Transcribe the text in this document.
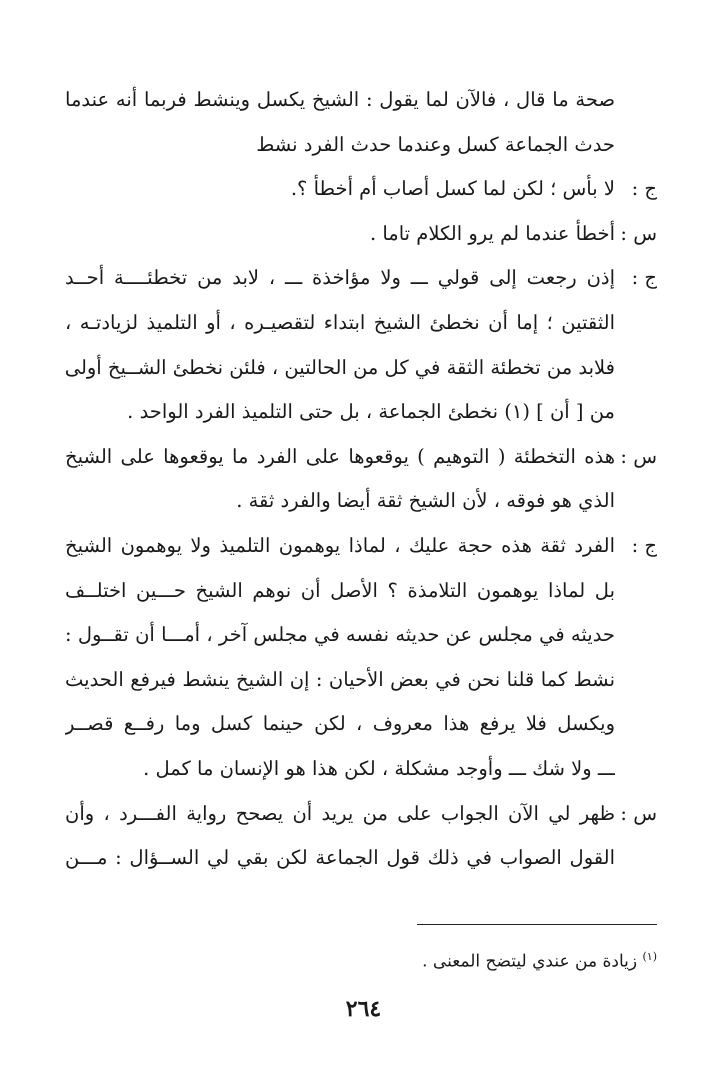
صحة ما قال ، فالآن لما يقول : الشيخ يكسل وينشط فربما أنه عندما
حدث الجماعة كسل وعندما حدث الفرد نشط
ج :
لا بأس ؛ لكن لما كسل أصاب أم أخطأ ؟.
س :
أخطأ عندما لم يرو الكلام تاما .
ج :
إذن رجعت إلى قولي ـــ ولا مؤاخذة ـــ ، لابد من تخطئــــة أحــد
الثقتين ؛ إما أن نخطئ الشيخ ابتداء لتقصيـره ، أو التلميذ لزيادتـه ،
فلابد من تخطئة الثقة في كل من الحالتين ، فلئن نخطئ الشــيخ أولى
من [ أن ] (١) نخطئ الجماعة ، بل حتى التلميذ الفرد الواحد .
س :
هذه التخطئة ( التوهيم ) يوقعوها على الفرد ما يوقعوها على الشيخ
الذي هو فوقه ، لأن الشيخ ثقة أيضا والفرد ثقة .
ج :
الفرد ثقة هذه حجة عليك ، لماذا يوهمون التلميذ ولا يوهمون الشيخ
بل لماذا يوهمون التلامذة ؟ الأصل أن نوهم الشيخ حـــين اختلــف
حديثه في مجلس عن حديثه نفسه في مجلس آخر ، أمـــا أن تقــول :
نشط كما قلنا نحن في بعض الأحيان : إن الشيخ ينشط فيرفع الحديث
ويكسل فلا يرفع هذا معروف ، لكن حينما كسل وما رفــع قصــر
ـــ ولا شك ـــ وأوجد مشكلة ، لكن هذا هو الإنسان ما كمل .
س :
ظهر لي الآن الجواب على من يريد أن يصحح رواية الفـــرد ، وأن
القول الصواب في ذلك قول الجماعة لكن بقي لي الســؤال : مـــن
$^{(١)}$ زيادة من عندي ليتضح المعنى .
٢٦٤
